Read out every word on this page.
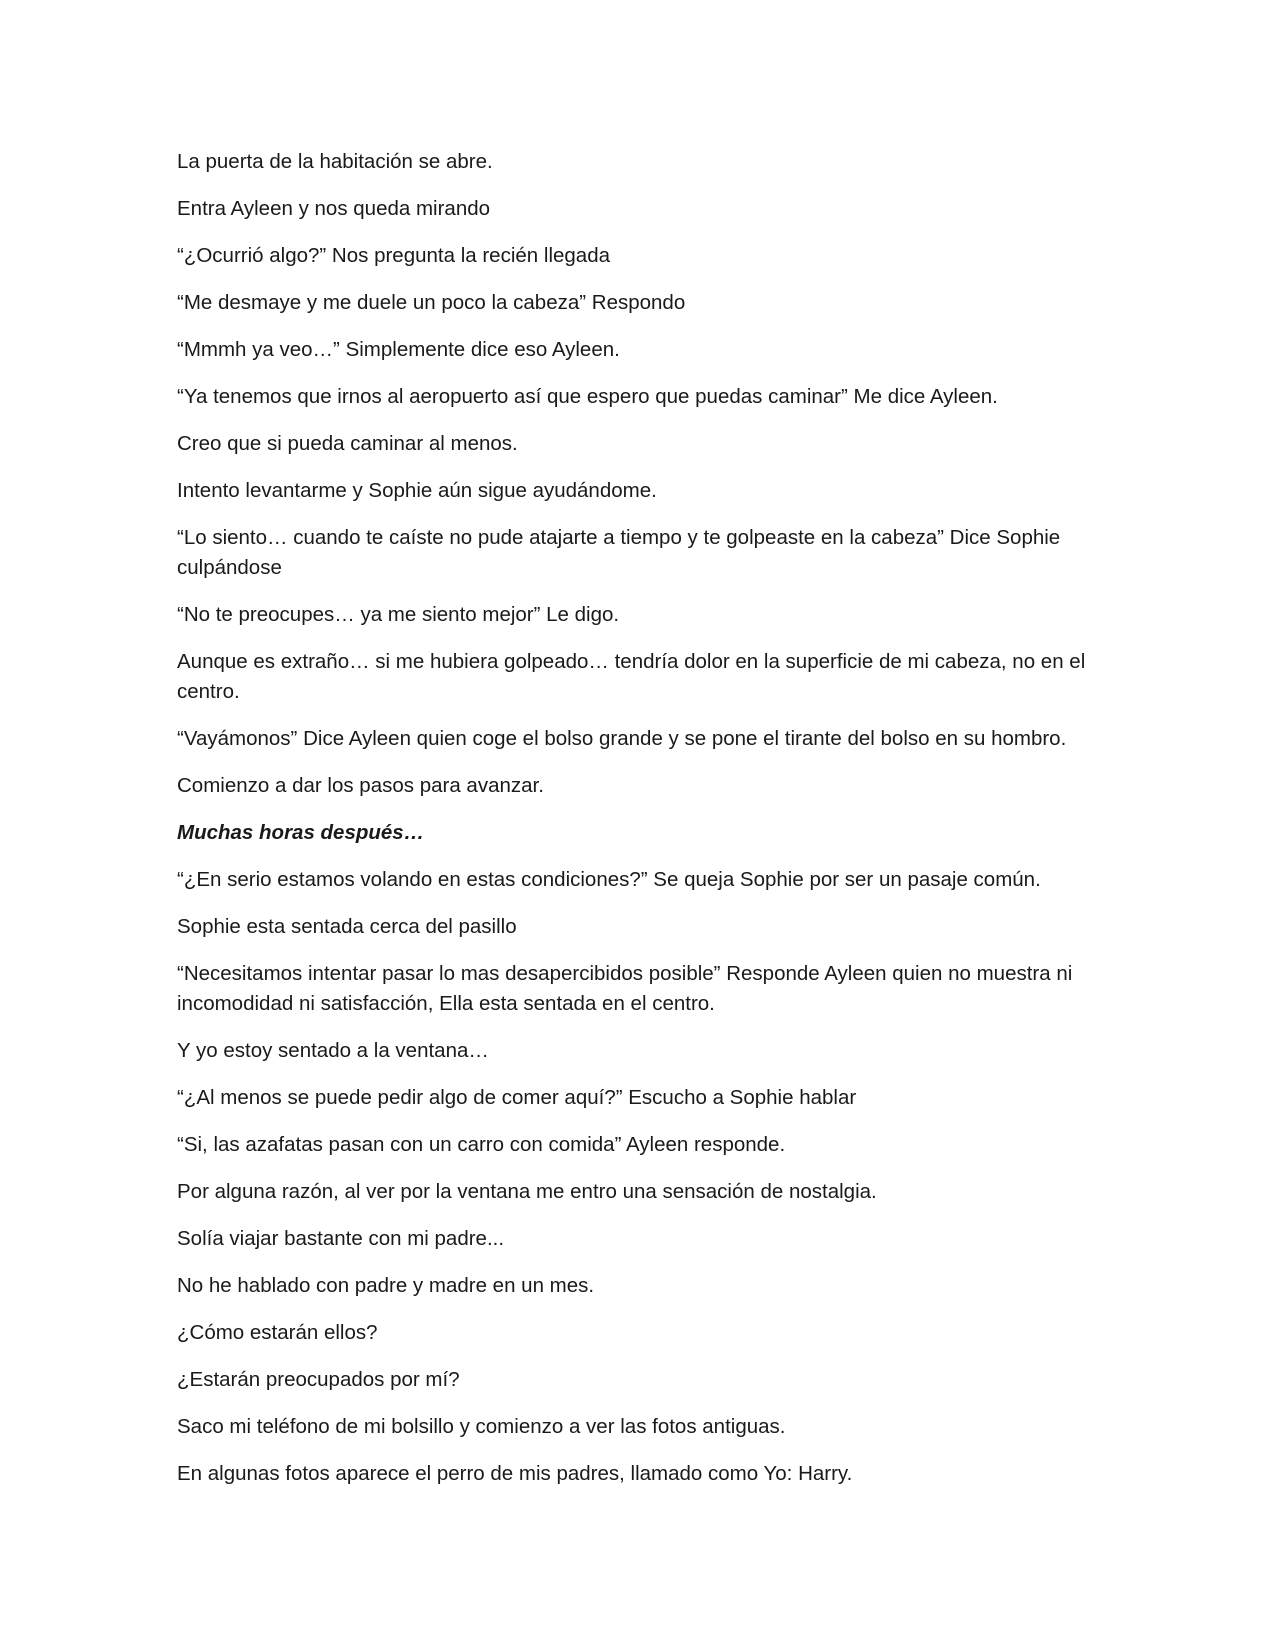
La puerta de la habitación se abre.

Entra Ayleen y nos queda mirando

“¿Ocurrió algo?” Nos pregunta la recién llegada

“Me desmaye y me duele un poco la cabeza” Respondo

“Mmmh ya veo…” Simplemente dice eso Ayleen.

“Ya tenemos que irnos al aeropuerto así que espero que puedas caminar” Me dice Ayleen.

Creo que si pueda caminar al menos.

Intento levantarme y Sophie aún sigue ayudándome.

“Lo siento… cuando te caíste no pude atajarte a tiempo y te golpeaste en la cabeza” Dice Sophie culpándose

“No te preocupes… ya me siento mejor” Le digo.

Aunque es extraño… si me hubiera golpeado… tendría dolor en la superficie de mi cabeza, no en el centro.

“Vayámonos” Dice Ayleen quien coge el bolso grande y se pone el tirante del bolso en su hombro.

Comienzo a dar los pasos para avanzar.

Muchas horas después…

“¿En serio estamos volando en estas condiciones?” Se queja Sophie por ser un pasaje común.

Sophie esta sentada cerca del pasillo

“Necesitamos intentar pasar lo mas desapercibidos posible” Responde Ayleen quien no muestra ni incomodidad ni satisfacción, Ella esta sentada en el centro.

Y yo estoy sentado a la ventana…

“¿Al menos se puede pedir algo de comer aquí?” Escucho a Sophie hablar

“Si, las azafatas pasan con un carro con comida” Ayleen responde.

Por alguna razón, al ver por la ventana me entro una sensación de nostalgia.

Solía viajar bastante con mi padre...

No he hablado con padre y madre en un mes.

¿Cómo estarán ellos?

¿Estarán preocupados por mí?

Saco mi teléfono de mi bolsillo y comienzo a ver las fotos antiguas.

En algunas fotos aparece el perro de mis padres, llamado como Yo: Harry.
